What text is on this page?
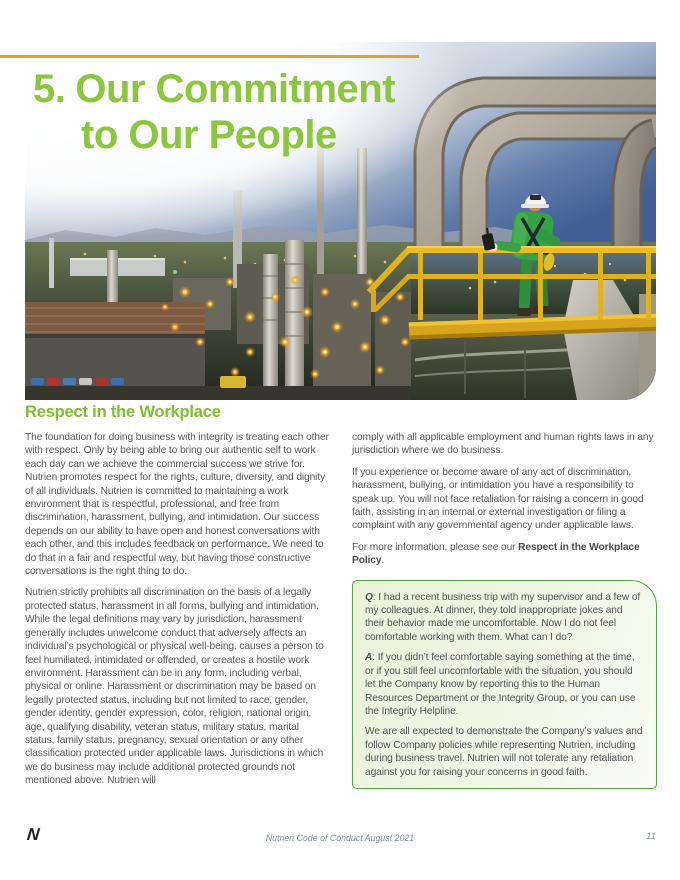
5. Our Commitment
to Our People
Respect in the Workplace

The foundation for doing business with integrity is treating each other with respect. Only by being able to bring our authentic self to work each day can we achieve the commercial success we strive for. Nutrien promotes respect for the rights, culture, diversity, and dignity of all individuals. Nutrien is committed to maintaining a work environment that is respectful, professional, and free from discrimination, harassment, bullying, and intimidation. Our success depends on our ability to have open and honest conversations with each other, and this includes feedback on performance. We need to do that in a fair and respectful way, but having those constructive conversations is the right thing to do.

Nutrien strictly prohibits all discrimination on the basis of a legally protected status, harassment in all forms, bullying and intimidation. While the legal definitions may vary by jurisdiction, harassment generally includes unwelcome conduct that adversely affects an individual’s psychological or physical well-being, causes a person to feel humiliated, intimidated or offended, or creates a hostile work environment. Harassment can be in any form, including verbal, physical or online. Harassment or discrimination may be based on legally protected status, including but not limited to race, gender, gender identity, gender expression, color, religion, national origin, age, qualifying disability, veteran status, military status, marital status, family status, pregnancy, sexual orientation or any other classification protected under applicable laws. Jurisdictions in which we do business may include additional protected grounds not mentioned above. Nutrien will

comply with all applicable employment and human rights laws in any jurisdiction where we do business.

If you experience or become aware of any act of discrimination, harassment, bullying, or intimidation you have a responsibility to speak up. You will not face retaliation for raising a concern in good faith, assisting in an internal or external investigation or filing a complaint with any governmental agency under applicable laws.

For more information, please see our Respect in the Workplace Policy.

Q: I had a recent business trip with my supervisor and a few of my colleagues. At dinner, they told inappropriate jokes and their behavior made me uncomfortable. Now I do not feel comfortable working with them. What can I do?

A: If you didn’t feel comfortable saying something at the time, or if you still feel uncomfortable with the situation, you should let the Company know by reporting this to the Human Resources Department or the Integrity Group, or you can use the Integrity Helpline.

We are all expected to demonstrate the Company’s values and follow Company policies while representing Nutrien, including during business travel. Nutrien will not tolerate any retaliation against you for raising your concerns in good faith.

N	Nutrien Code of Conduct August 2021	11
